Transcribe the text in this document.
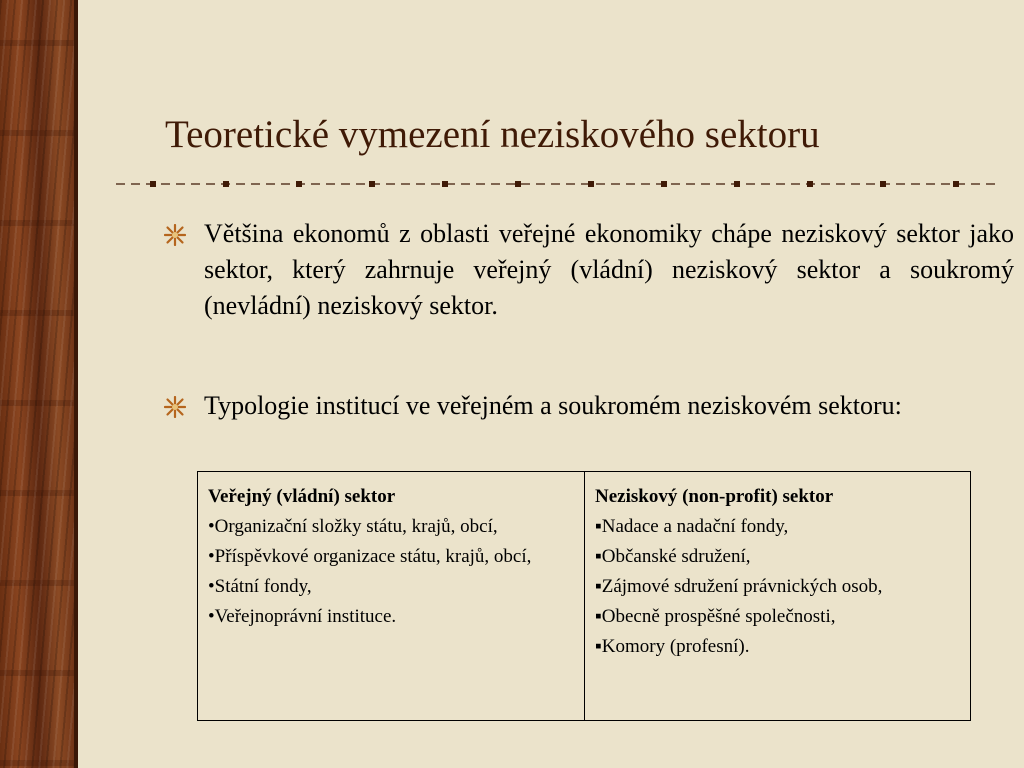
Teoretické vymezení neziskového sektoru
Většina ekonomů z oblasti veřejné ekonomiky chápe neziskový sektor jako sektor, který zahrnuje veřejný (vládní) neziskový sektor a soukromý (nevládní) neziskový sektor.
Typologie institucí ve veřejném a soukromém neziskovém sektoru:
Veřejný (vládní) sektor
•Organizační složky státu, krajů, obcí,
•Příspěvkové organizace státu, krajů, obcí,
•Státní fondy,
•Veřejnoprávní instituce.
Neziskový (non-profit) sektor
▪Nadace a nadační fondy,
▪Občanské sdružení,
▪Zájmové sdružení právnických osob,
▪Obecně prospěšné společnosti,
▪Komory (profesní).
